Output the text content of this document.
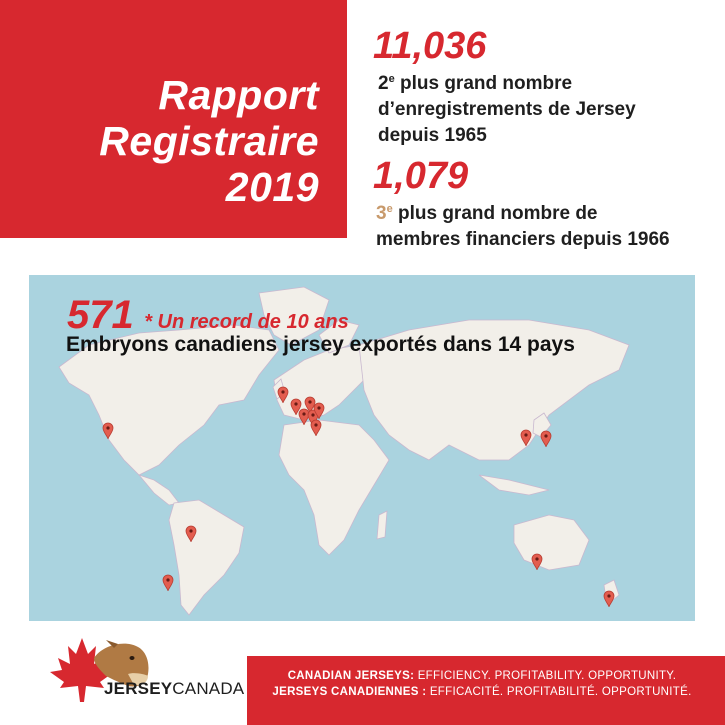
Rapport
Registraire
2019
11,036
2e plus grand nombre
d’enregistrements de Jersey
depuis 1965
1,079
3e plus grand nombre de
membres financiers depuis 1966
571 * Un record de 10 ans
Embryons canadiens jersey exportés dans 14 pays
JERSEYCANADA
CANADIAN JERSEYS: EFFICIENCY. PROFITABILITY. OPPORTUNITY.
JERSEYS CANADIENNES : EFFICACITÉ. PROFITABILITÉ. OPPORTUNITÉ.
